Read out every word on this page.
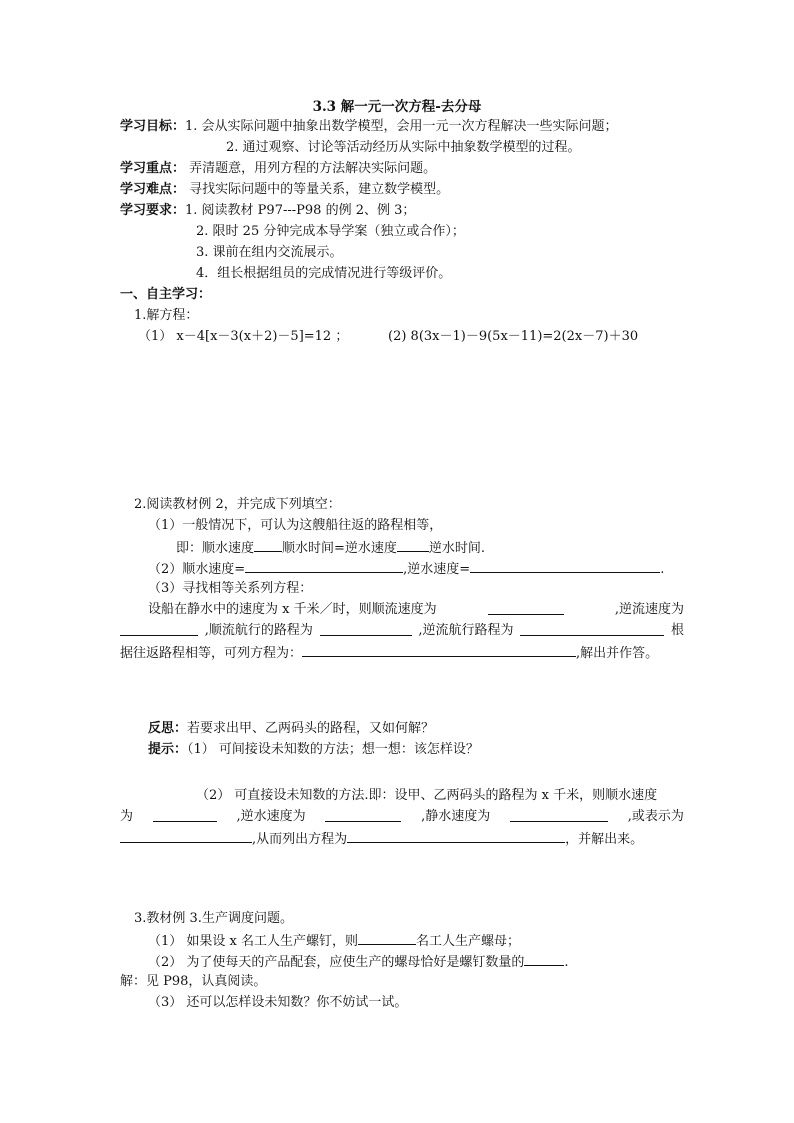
3.3 解一元一次方程-去分母
学习目标：1. 会从实际问题中抽象出数学模型，会用一元一次方程解决一些实际问题；
2. 通过观察、讨论等活动经历从实际中抽象数学模型的过程。
学习重点： 弄清题意，用列方程的方法解决实际问题。
学习难点： 寻找实际问题中的等量关系，建立数学模型。
学习要求：1. 阅读教材 P97---P98 的例 2、例 3；
2. 限时 25 分钟完成本导学案（独立或合作）；
3. 课前在组内交流展示。
4．组长根据组员的完成情况进行等级评价。
一、自主学习：
1.解方程：
（1） x－4[x－3(x＋2)－5]=12 ；	(2) 8(3x－1)－9(5x－11)=2(2x－7)＋30
2.阅读教材例 2，并完成下列填空：
（1）一般情况下，可认为这艘船往返的路程相等，
即：顺水速度 顺水时间=逆水速度 逆水时间.
（2）顺水速度=	,逆水速度=	.
（3）寻找相等关系列方程：
设船在静水中的速度为 x 千米／时，则顺流速度为	,逆流速度为
,顺流航行的路程为	,逆流航行路程为	根
据往返路程相等，可列方程为：	,解出并作答。
反思：若要求出甲、乙两码头的路程，又如何解？
提示：（1） 可间接设未知数的方法；想一想：该怎样设？
（2） 可直接设未知数的方法.即：设甲、乙两码头的路程为 x 千米，则顺水速度
为	,逆水速度为	,静水速度为	,或表示为
,从而列出方程为	，并解出来。
3.教材例 3.生产调度问题。
（1） 如果设 x 名工人生产螺钉，则	名工人生产螺母；
（2） 为了使每天的产品配套，应使生产的螺母恰好是螺钉数量的	.
解：见 P98，认真阅读。
（3） 还可以怎样设未知数？你不妨试一试。
